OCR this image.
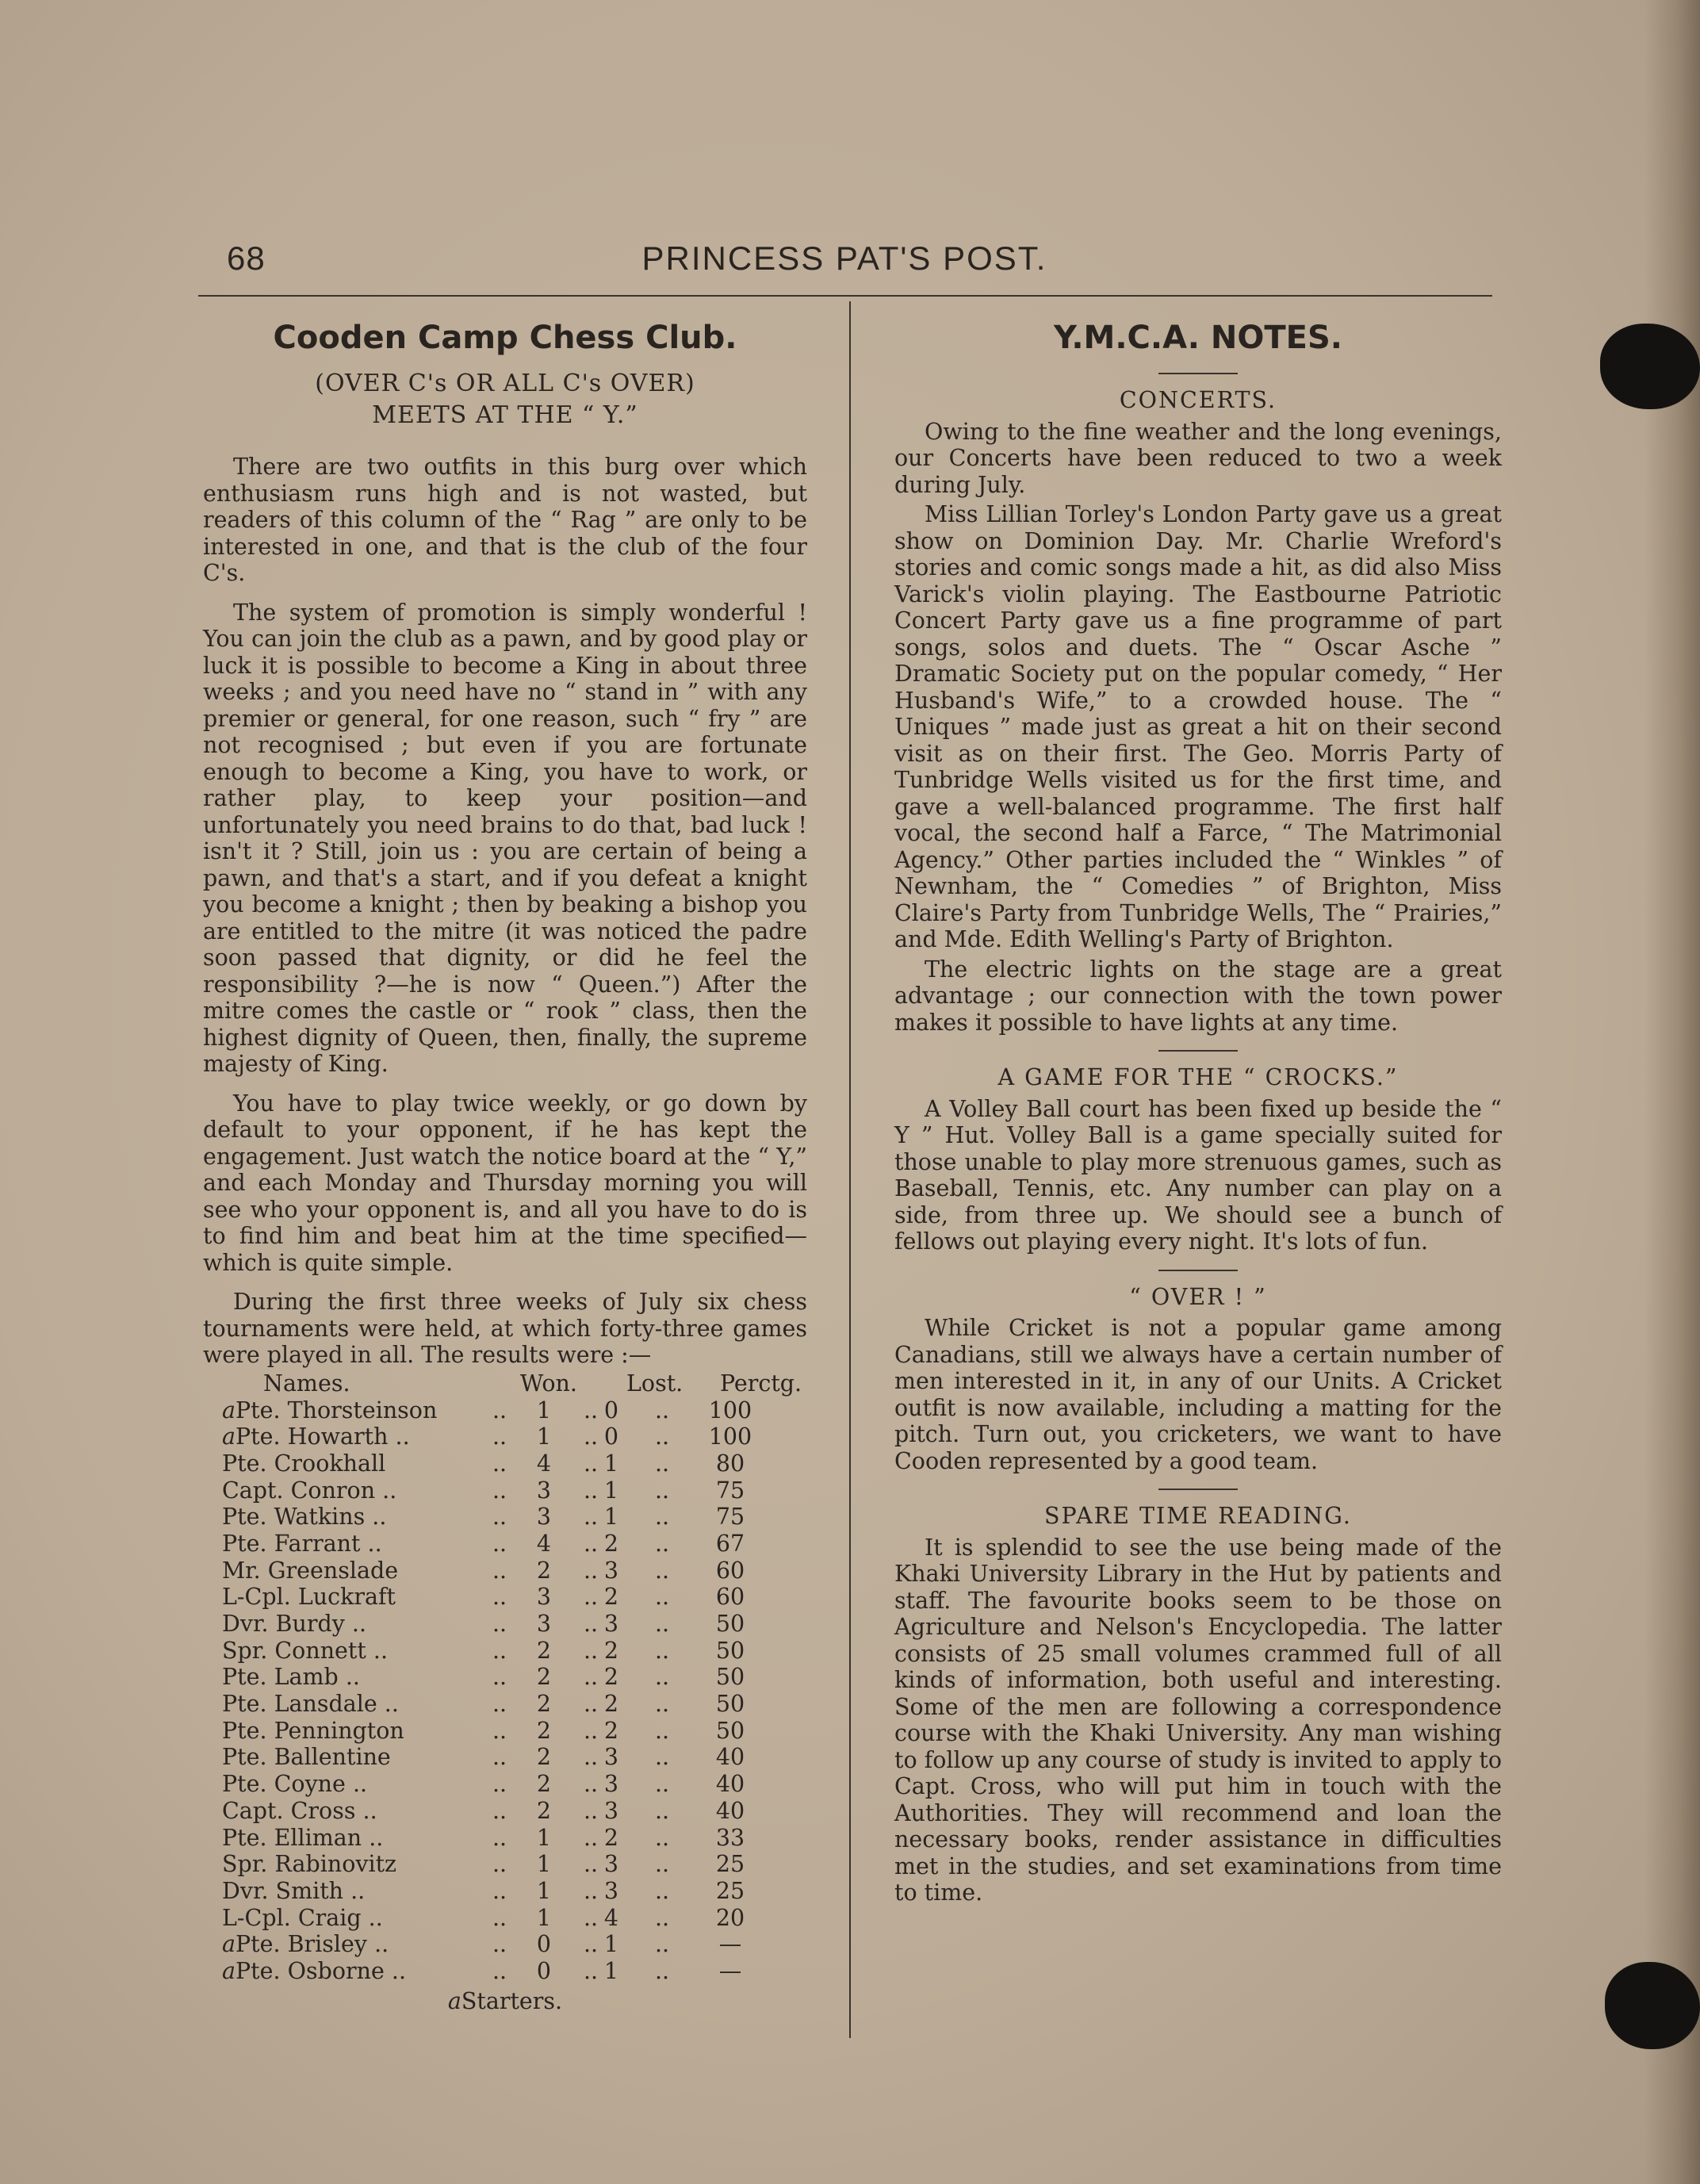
68	PRINCESS PAT'S POST.
Cooden Camp Chess Club.
(OVER C's OR ALL C's OVER)
MEETS AT THE “ Y.”

There are two outfits in this burg over which enthusiasm runs high and is not wasted, but readers of this column of the “ Rag ” are only to be interested in one, and that is the club of the four C's.

The system of promotion is simply wonderful ! You can join the club as a pawn, and by good play or luck it is possible to become a King in about three weeks ; and you need have no “ stand in ” with any premier or general, for one reason, such “ fry ” are not recognised ; but even if you are fortunate enough to become a King, you have to work, or rather play, to keep your position—and unfortunately you need brains to do that, bad luck ! isn't it ? Still, join us : you are certain of being a pawn, and that's a start, and if you defeat a knight you become a knight ; then by beaking a bishop you are entitled to the mitre (it was noticed the padre soon passed that dignity, or did he feel the responsibility ?—he is now “ Queen.”) After the mitre comes the castle or “ rook ” class, then the highest dignity of Queen, then, finally, the supreme majesty of King.

You have to play twice weekly, or go down by default to your opponent, if he has kept the engagement. Just watch the notice board at the “ Y,” and each Monday and Thursday morning you will see who your opponent is, and all you have to do is to find him and beat him at the time specified—which is quite simple.

During the first three weeks of July six chess tournaments were held, at which forty-three games were played in all. The results were :—

Names.	Won. Lost. Perctg.
aPte. Thorsteinson ..	1	.. 0	..	100
aPte. Howarth ..	..	1	.. 0	..	100
Pte. Crookhall	..	4	.. 1	..	80
Capt. Conron ..	..	3	.. 1	..	75
Pte. Watkins ..	..	3	.. 1	..	75
Pte. Farrant ..	..	4	.. 2	..	67
Mr. Greenslade	..	2	.. 3	..	60
L-Cpl. Luckraft	..	3	.. 2	..	60
Dvr. Burdy ..	..	3	.. 3	..	50
Spr. Connett ..	..	2	.. 2	..	50
Pte. Lamb ..	..	2	.. 2	..	50
Pte. Lansdale ..	..	2	.. 2	..	50
Pte. Pennington	..	2	.. 2	..	50
Pte. Ballentine	..	2	.. 3	..	40
Pte. Coyne ..	..	2	.. 3	..	40
Capt. Cross ..	..	2	.. 3	..	40
Pte. Elliman ..	..	1	.. 2	..	33
Spr. Rabinovitz	..	1	.. 3	..	25
Dvr. Smith ..	..	1	.. 3	..	25
L-Cpl. Craig ..	..	1	.. 4	..	20
aPte. Brisley ..	..	0	.. 1	..	—
aPte. Osborne ..	..	0	.. 1	..	—
aStarters.
Y.M.C.A. NOTES.
CONCERTS.

Owing to the fine weather and the long evenings, our Concerts have been reduced to two a week during July.

Miss Lillian Torley's London Party gave us a great show on Dominion Day. Mr. Charlie Wreford's stories and comic songs made a hit, as did also Miss Varick's violin playing. The Eastbourne Patriotic Concert Party gave us a fine programme of part songs, solos and duets. The “ Oscar Asche ” Dramatic Society put on the popular comedy, “ Her Husband's Wife,” to a crowded house. The “ Uniques ” made just as great a hit on their second visit as on their first. The Geo. Morris Party of Tunbridge Wells visited us for the first time, and gave a well-balanced programme. The first half vocal, the second half a Farce, “ The Matrimonial Agency.” Other parties included the “ Winkles ” of Newnham, the “ Comedies ” of Brighton, Miss Claire's Party from Tunbridge Wells, The “ Prairies,” and Mde. Edith Welling's Party of Brighton.

The electric lights on the stage are a great advantage ; our connection with the town power makes it possible to have lights at any time.

A GAME FOR THE “ CROCKS.”

A Volley Ball court has been fixed up beside the “ Y ” Hut. Volley Ball is a game specially suited for those unable to play more strenuous games, such as Baseball, Tennis, etc. Any number can play on a side, from three up. We should see a bunch of fellows out playing every night. It's lots of fun.

“ OVER ! ”

While Cricket is not a popular game among Canadians, still we always have a certain number of men interested in it, in any of our Units. A Cricket outfit is now available, including a matting for the pitch. Turn out, you cricketers, we want to have Cooden represented by a good team.

SPARE TIME READING.

It is splendid to see the use being made of the Khaki University Library in the Hut by patients and staff. The favourite books seem to be those on Agriculture and Nelson's Encyclopedia. The latter consists of 25 small volumes crammed full of all kinds of information, both useful and interesting. Some of the men are following a correspondence course with the Khaki University. Any man wishing to follow up any course of study is invited to apply to Capt. Cross, who will put him in touch with the Authorities. They will recommend and loan the necessary books, render assistance in difficulties met in the studies, and set examinations from time to time.
